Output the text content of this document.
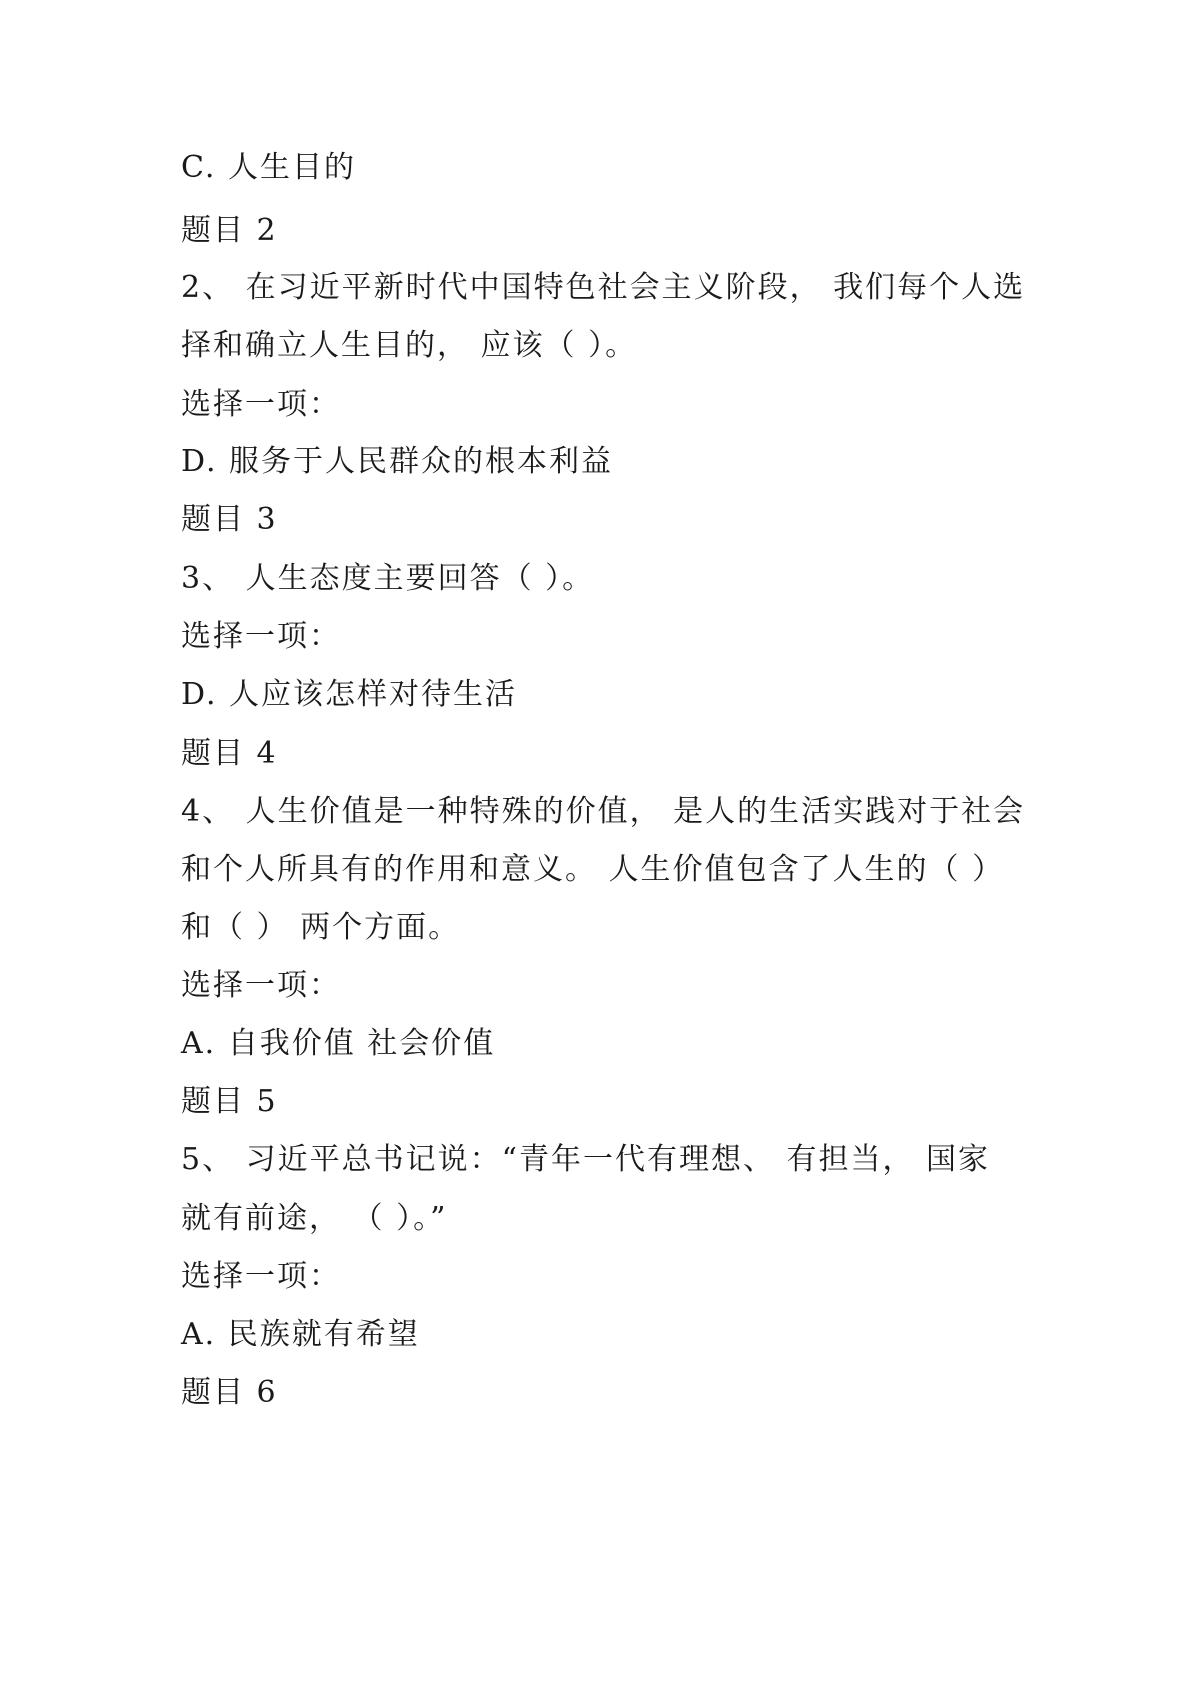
C. 人生目的
题目 2
2、 在习近平新时代中国特色社会主义阶段， 我们每个人选
择和确立人生目的， 应该（ ）。
选择一项：
D. 服务于人民群众的根本利益
题目 3
3、 人生态度主要回答（ ）。
选择一项：
D. 人应该怎样对待生活
题目 4
4、 人生价值是一种特殊的价值， 是人的生活实践对于社会
和个人所具有的作用和意义。 人生价值包含了人生的（ ）
和（ ） 两个方面。
选择一项：
A. 自我价值 社会价值
题目 5
5、 习近平总书记说：“青年一代有理想、 有担当， 国家
就有前途， （ ）。”
选择一项：
A. 民族就有希望
题目 6
